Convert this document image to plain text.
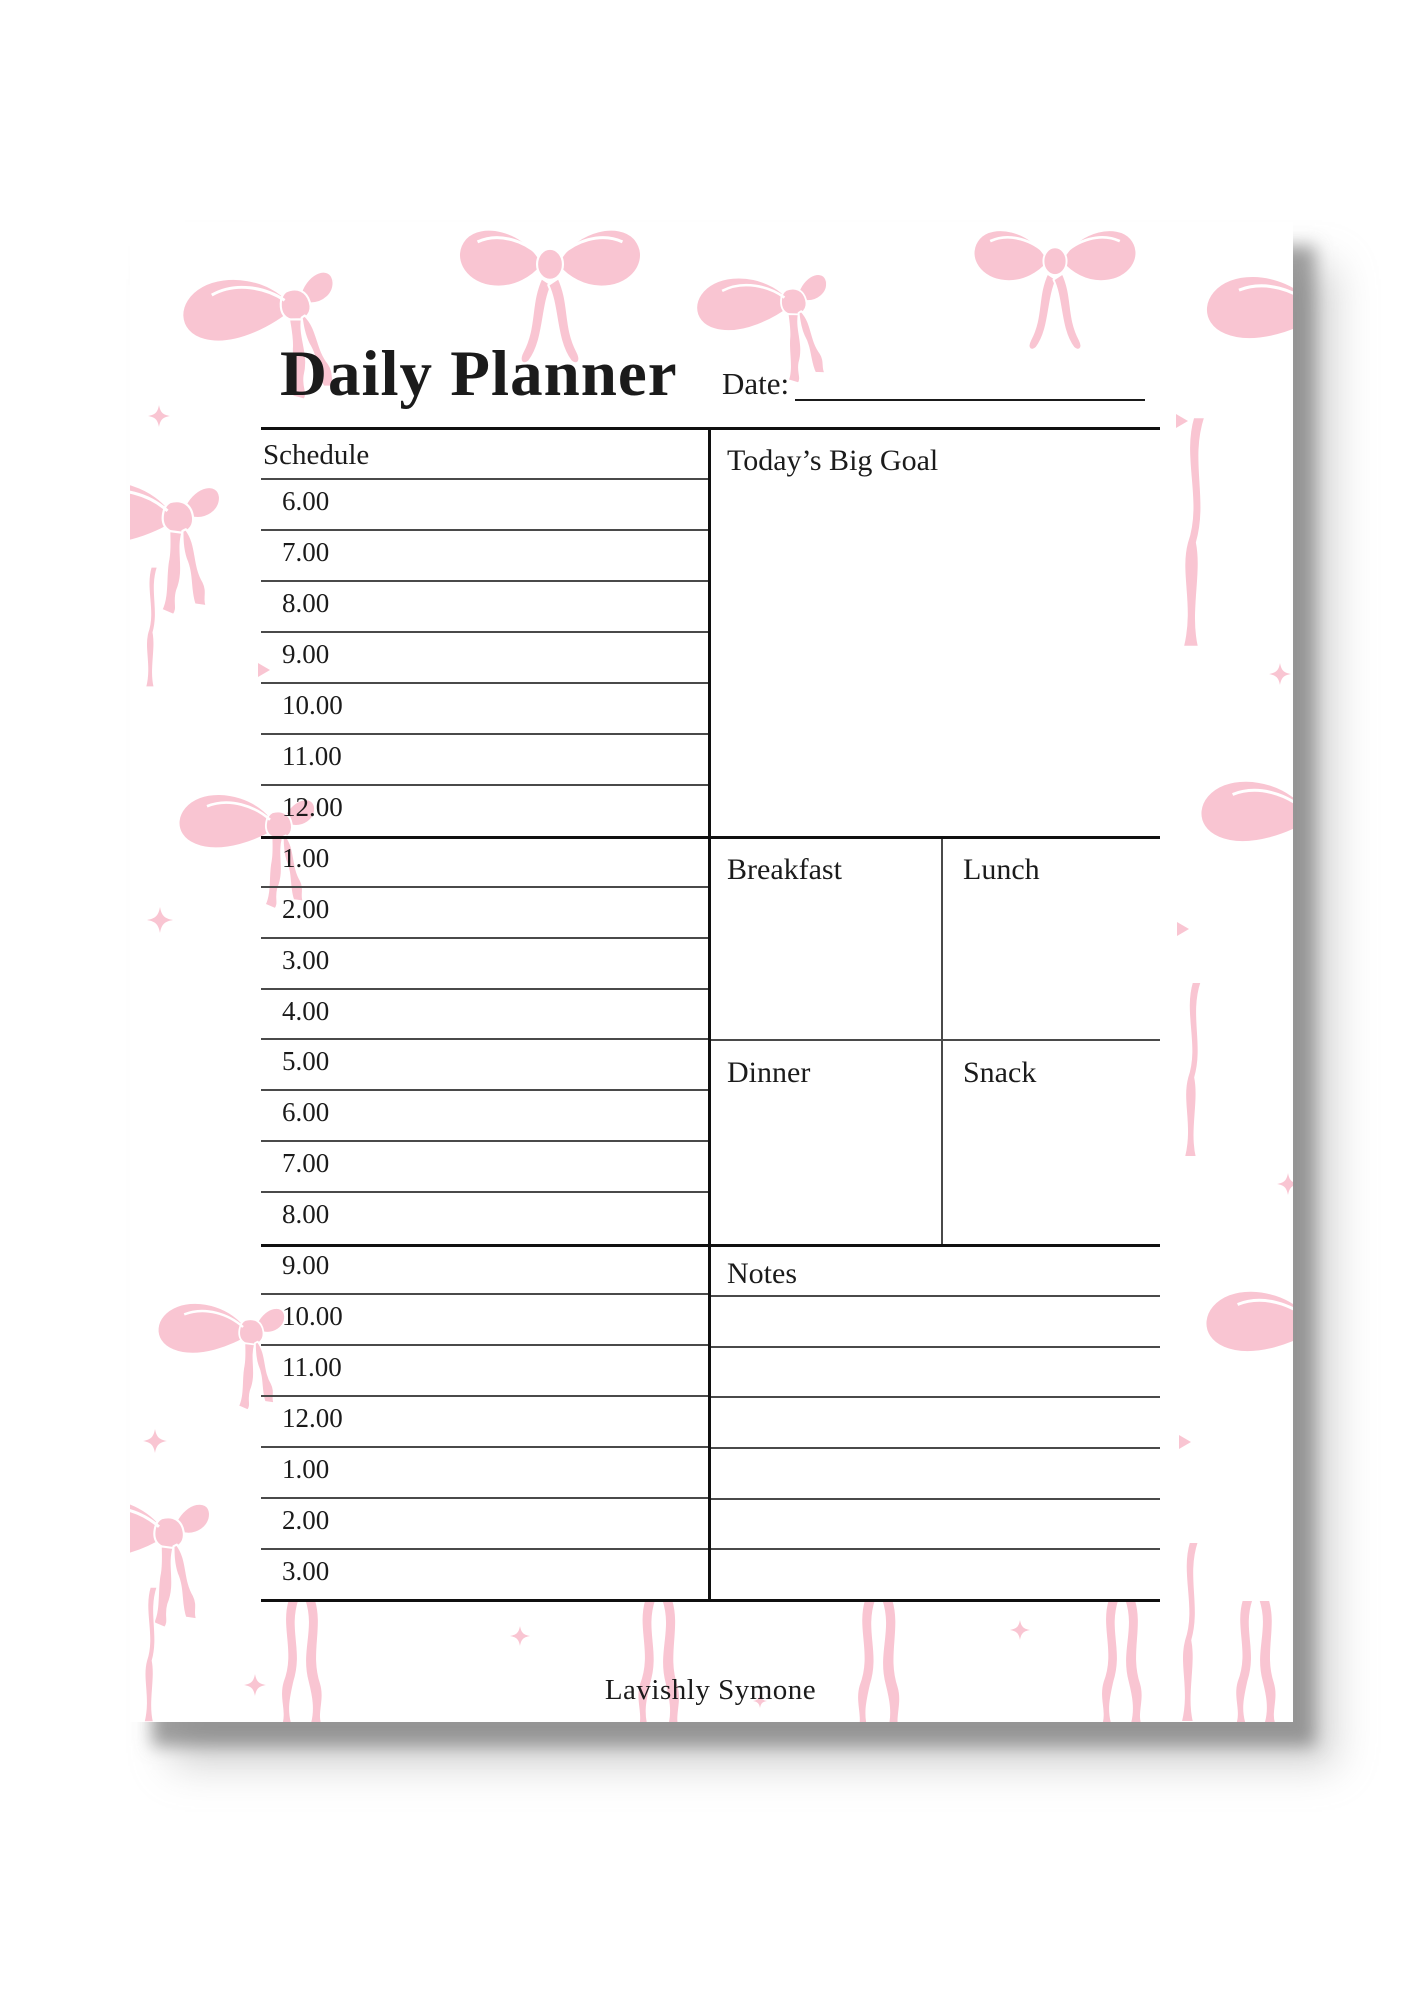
Daily Planner Date:
Schedule
6.00
7.00
8.00
9.00
10.00
11.00
12.00
1.00
2.00
3.00
4.00
5.00
6.00
7.00
8.00
9.00
10.00
11.00
12.00
1.00
2.00
3.00
Today’s Big Goal
Breakfast	Lunch
Dinner	Snack
Notes
Lavishly Symone
